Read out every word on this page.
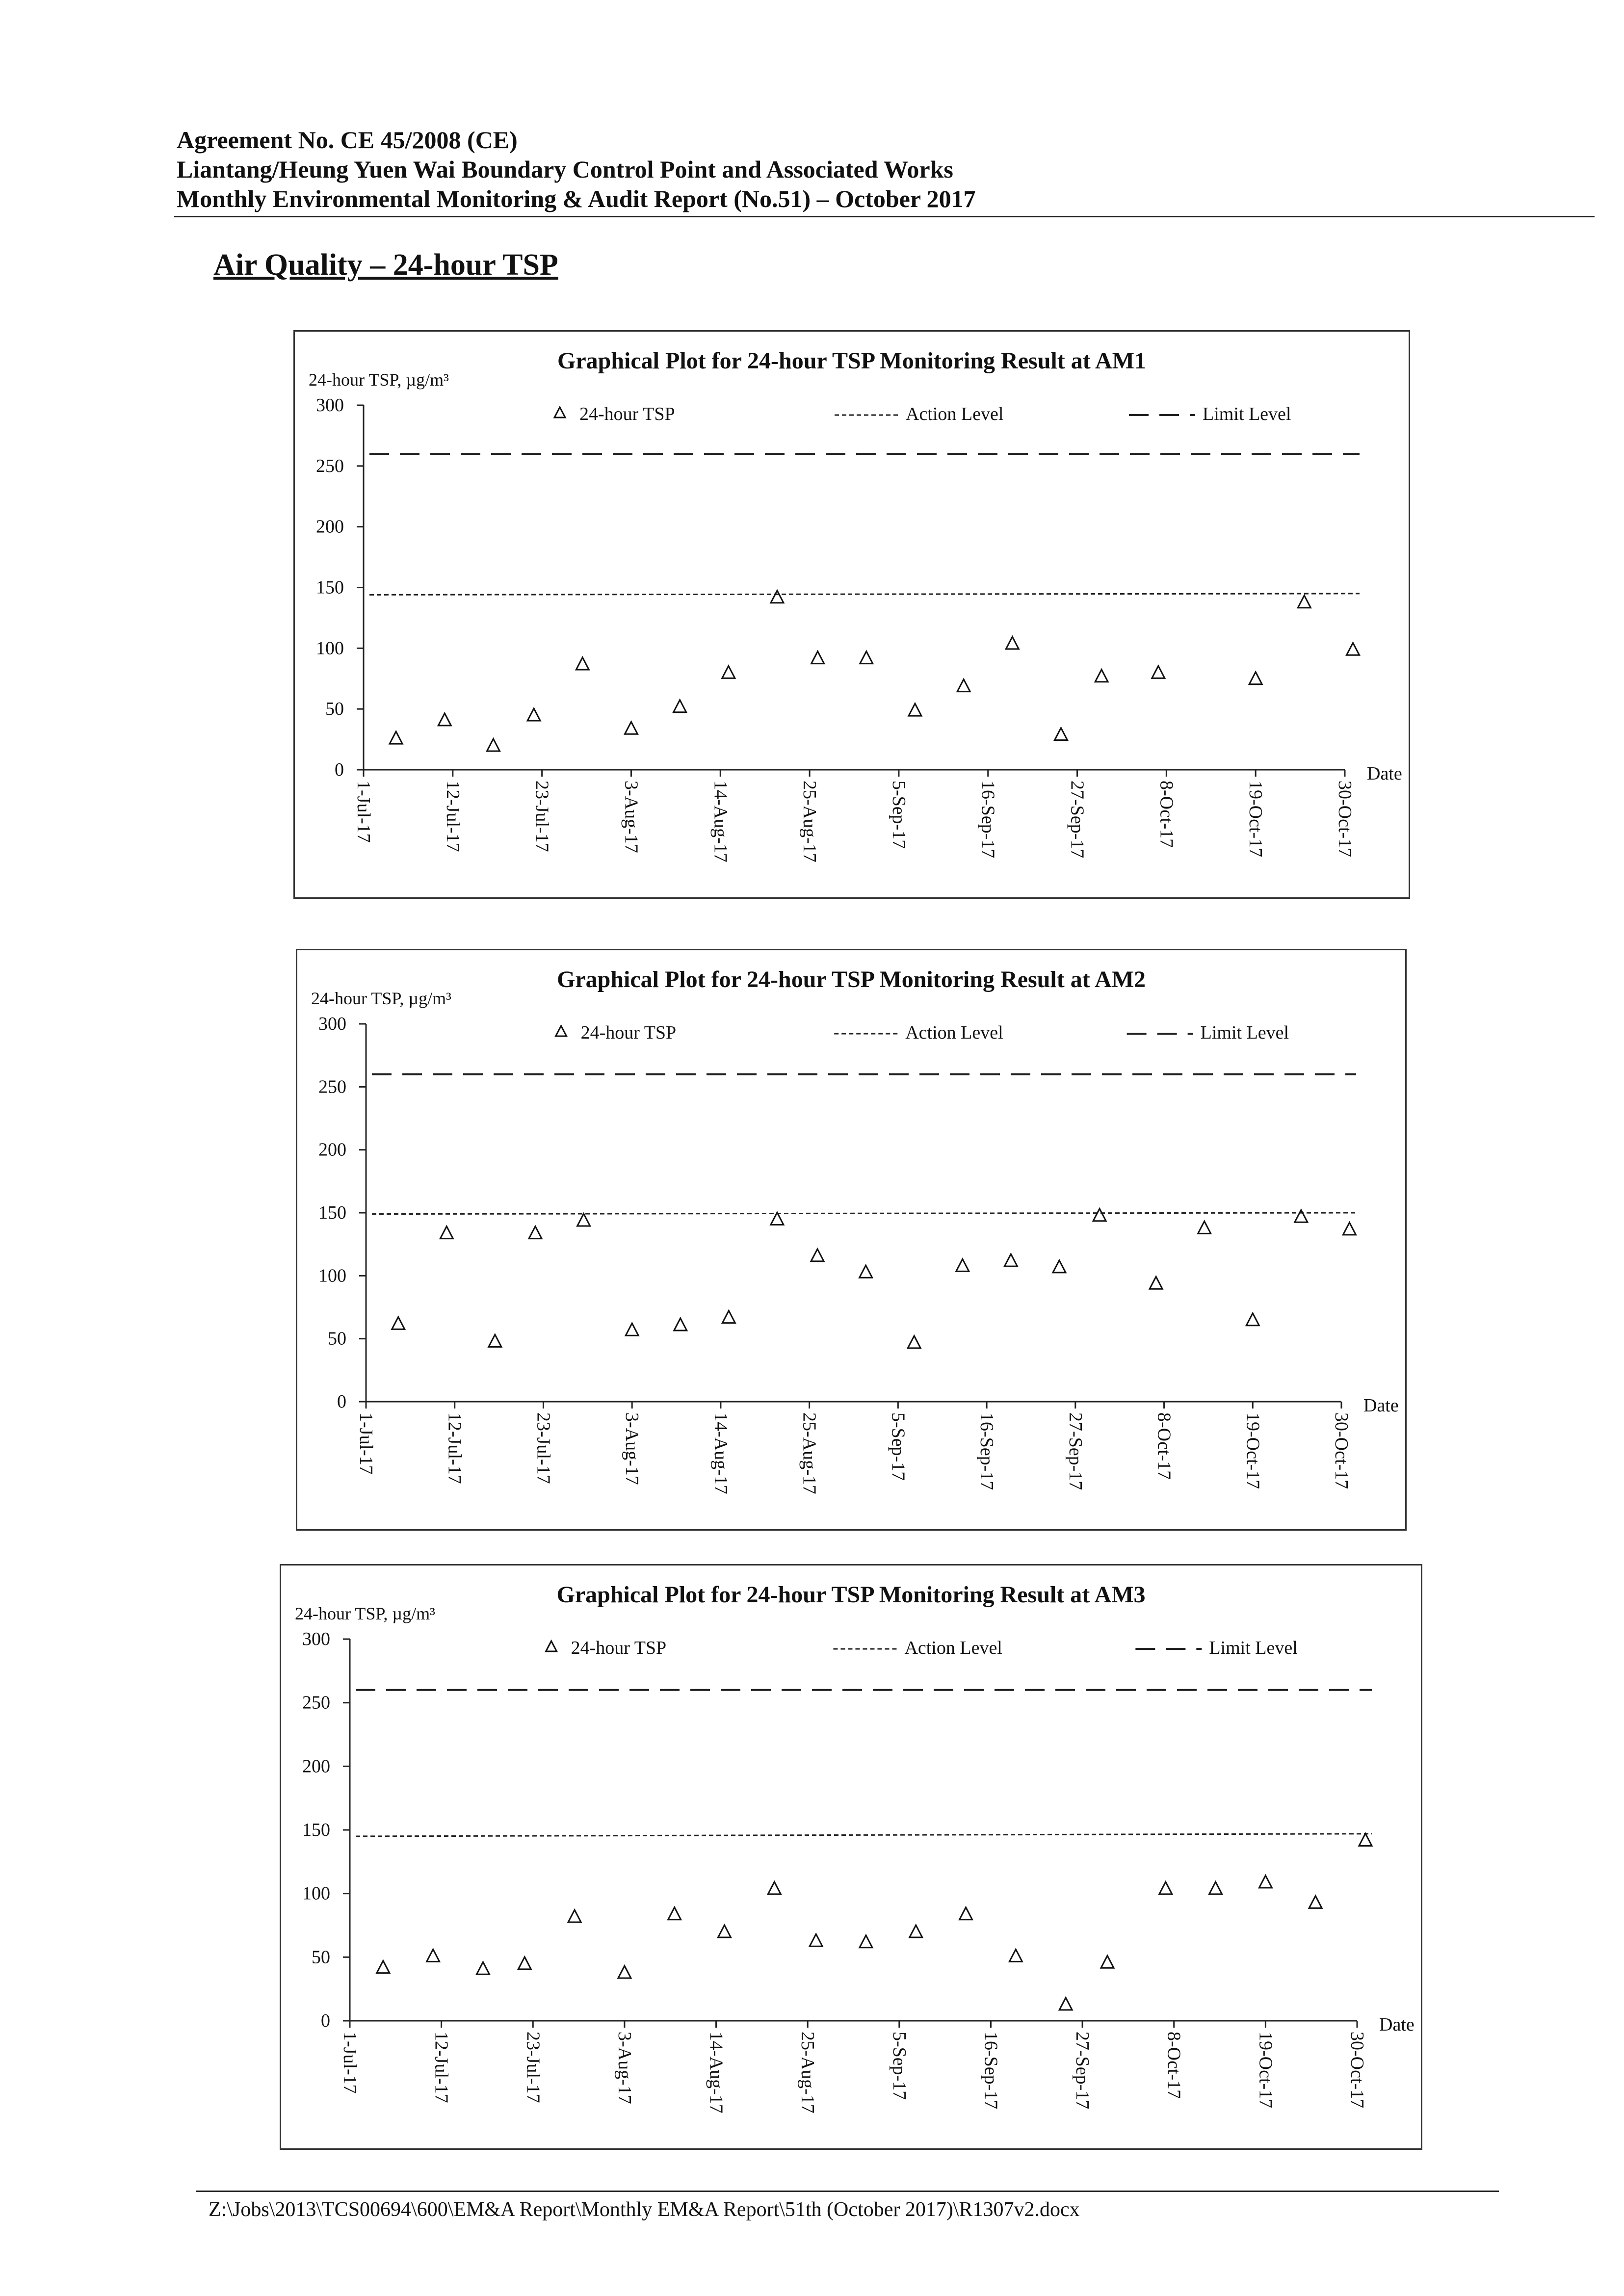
Agreement No. CE 45/2008 (CE)
Liantang/Heung Yuen Wai Boundary Control Point and Associated Works
Monthly Environmental Monitoring & Audit Report (No.51) – October 2017
Air Quality – 24-hour TSP
Graphical Plot for 24-hour TSP Monitoring Result at AM1
24-hour TSP, µg/m³
0
50
100
150
200
250
300
1-Jul-17	12-Jul-17	23-Jul-17	3-Aug-17	14-Aug-17	25-Aug-17	5-Sep-17	16-Sep-17	27-Sep-17	8-Oct-17	19-Oct-17	30-Oct-17
Date
24-hour TSP	Action Level	Limit Level
Graphical Plot for 24-hour TSP Monitoring Result at AM2
24-hour TSP, µg/m³
0
50
100
150
200
250
300
1-Jul-17	12-Jul-17	23-Jul-17	3-Aug-17	14-Aug-17	25-Aug-17	5-Sep-17	16-Sep-17	27-Sep-17	8-Oct-17	19-Oct-17	30-Oct-17
Date
24-hour TSP	Action Level	Limit Level
Graphical Plot for 24-hour TSP Monitoring Result at AM3
24-hour TSP, µg/m³
0
50
100
150
200
250
300
1-Jul-17	12-Jul-17	23-Jul-17	3-Aug-17	14-Aug-17	25-Aug-17	5-Sep-17	16-Sep-17	27-Sep-17	8-Oct-17	19-Oct-17	30-Oct-17
Date
24-hour TSP	Action Level	Limit Level
Z:\Jobs\2013\TCS00694\600\EM&A Report\Monthly EM&A Report\51th (October 2017)\R1307v2.docx
